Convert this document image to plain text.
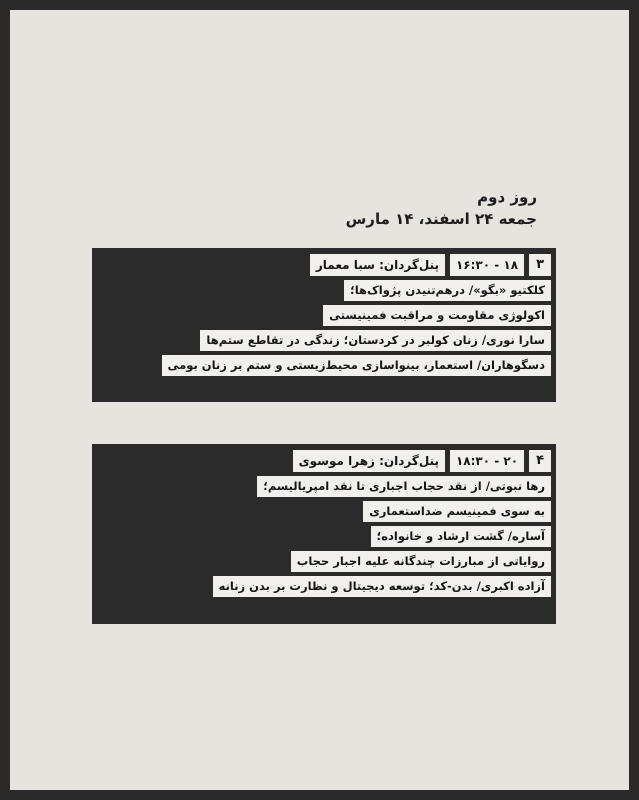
روز دوم
جمعه ۲۴ اسفند، ۱۴ مارس
۳
۱۶:۳۰ - ۱۸
پنل‌گردان: سبا معمار
کلکتیو «بگو»/ درهم‌تنیدن پژواک‌ها؛
اکولوژی مقاومت و مراقبت فمینیستی
سارا نوری/ زنان کولبر در کردستان؛ زندگی در تقاطع ستم‌ها
دسگوهاران/ استعمار، بینواسازی محیط‌زیستی و ستم بر زنان بومی
۴
۱۸:۳۰ - ۲۰
پنل‌گردان: زهرا موسوی
رها نبوتی/ از نقد حجاب اجباری تا نقد امپریالیسم؛
به سوی فمینیسم ضداستعماری
آساره/ گشت ارشاد و خانواده؛
روایاتی از مبارزات چندگانه علیه اجبار حجاب
آزاده اکبری/ بدن-کد؛ توسعه دیجیتال و نظارت بر بدن زنانه
